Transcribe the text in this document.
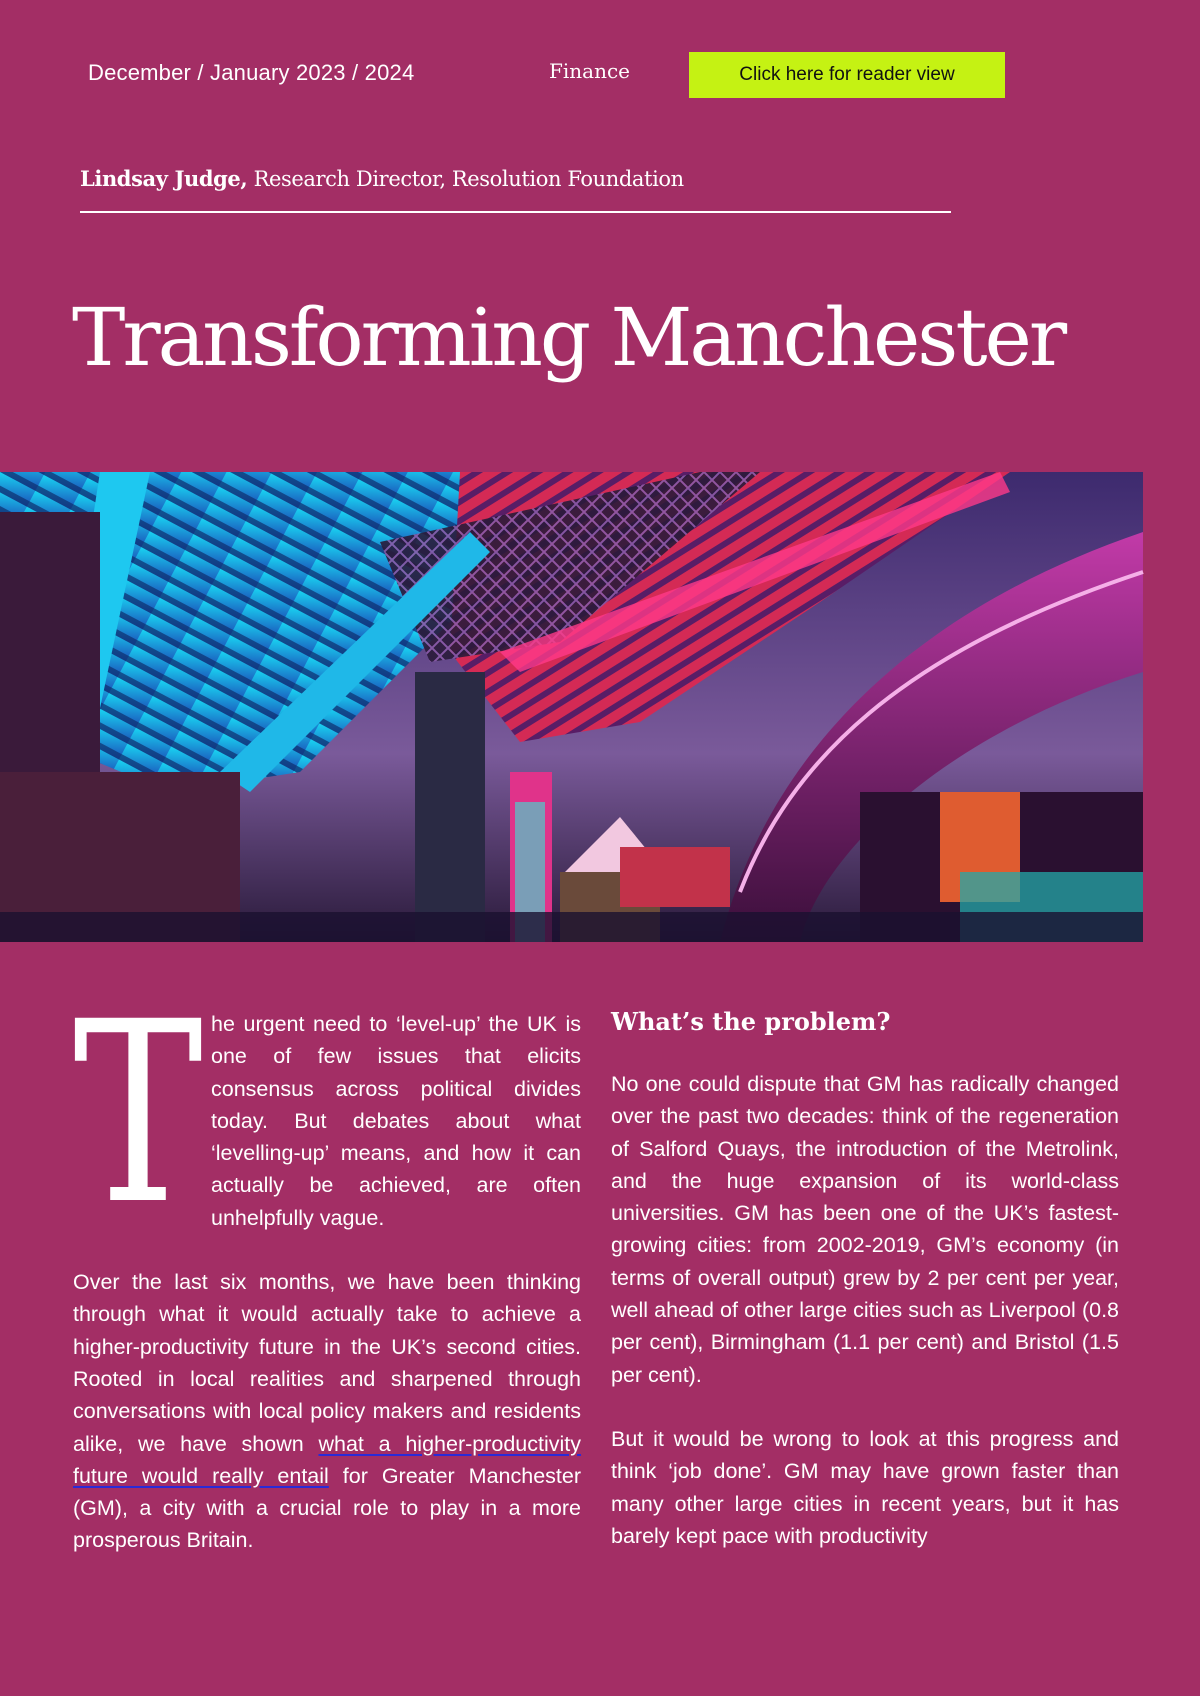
December / January 2023 / 2024	Finance	Click here for reader view
Lindsay Judge, Research Director, Resolution Foundation
Transforming Manchester
T he urgent need to ‘level-up’ the UK is one of few issues that elicits consensus across political divides today. But debates about what ‘levelling-up’ means, and how it can actually be achieved, are often unhelpfully vague.

Over the last six months, we have been thinking through what it would actually take to achieve a higher-productivity future in the UK’s second cities. Rooted in local realities and sharpened through conversations with local policy makers and residents alike, we have shown what a higher-productivity future would really entail for Greater Manchester (GM), a city with a crucial role to play in a more prosperous Britain.

What’s the problem?

No one could dispute that GM has radically changed over the past two decades: think of the regeneration of Salford Quays, the introduction of the Metrolink, and the huge expansion of its world-class universities. GM has been one of the UK’s fastest-growing cities: from 2002-2019, GM’s economy (in terms of overall output) grew by 2 per cent per year, well ahead of other large cities such as Liverpool (0.8 per cent), Birmingham (1.1 per cent) and Bristol (1.5 per cent).

But it would be wrong to look at this progress and think ‘job done’. GM may have grown faster than many other large cities in recent years, but it has barely kept pace with productivity
